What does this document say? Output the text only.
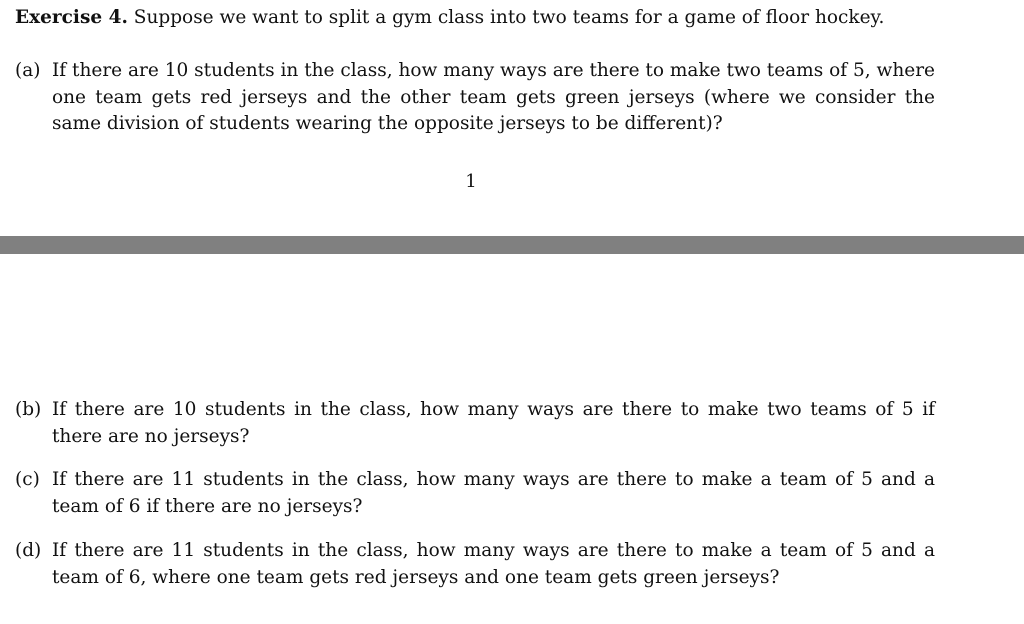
Exercise 4. Suppose we want to split a gym class into two teams for a game of floor hockey.
(a) If there are 10 students in the class, how many ways are there to make two teams of 5, where one team gets red jerseys and the other team gets green jerseys (where we consider the same division of students wearing the opposite jerseys to be different)?
1
(b) If there are 10 students in the class, how many ways are there to make two teams of 5 if there are no jerseys?
(c) If there are 11 students in the class, how many ways are there to make a team of 5 and a team of 6 if there are no jerseys?
(d) If there are 11 students in the class, how many ways are there to make a team of 5 and a team of 6, where one team gets red jerseys and one team gets green jerseys?
